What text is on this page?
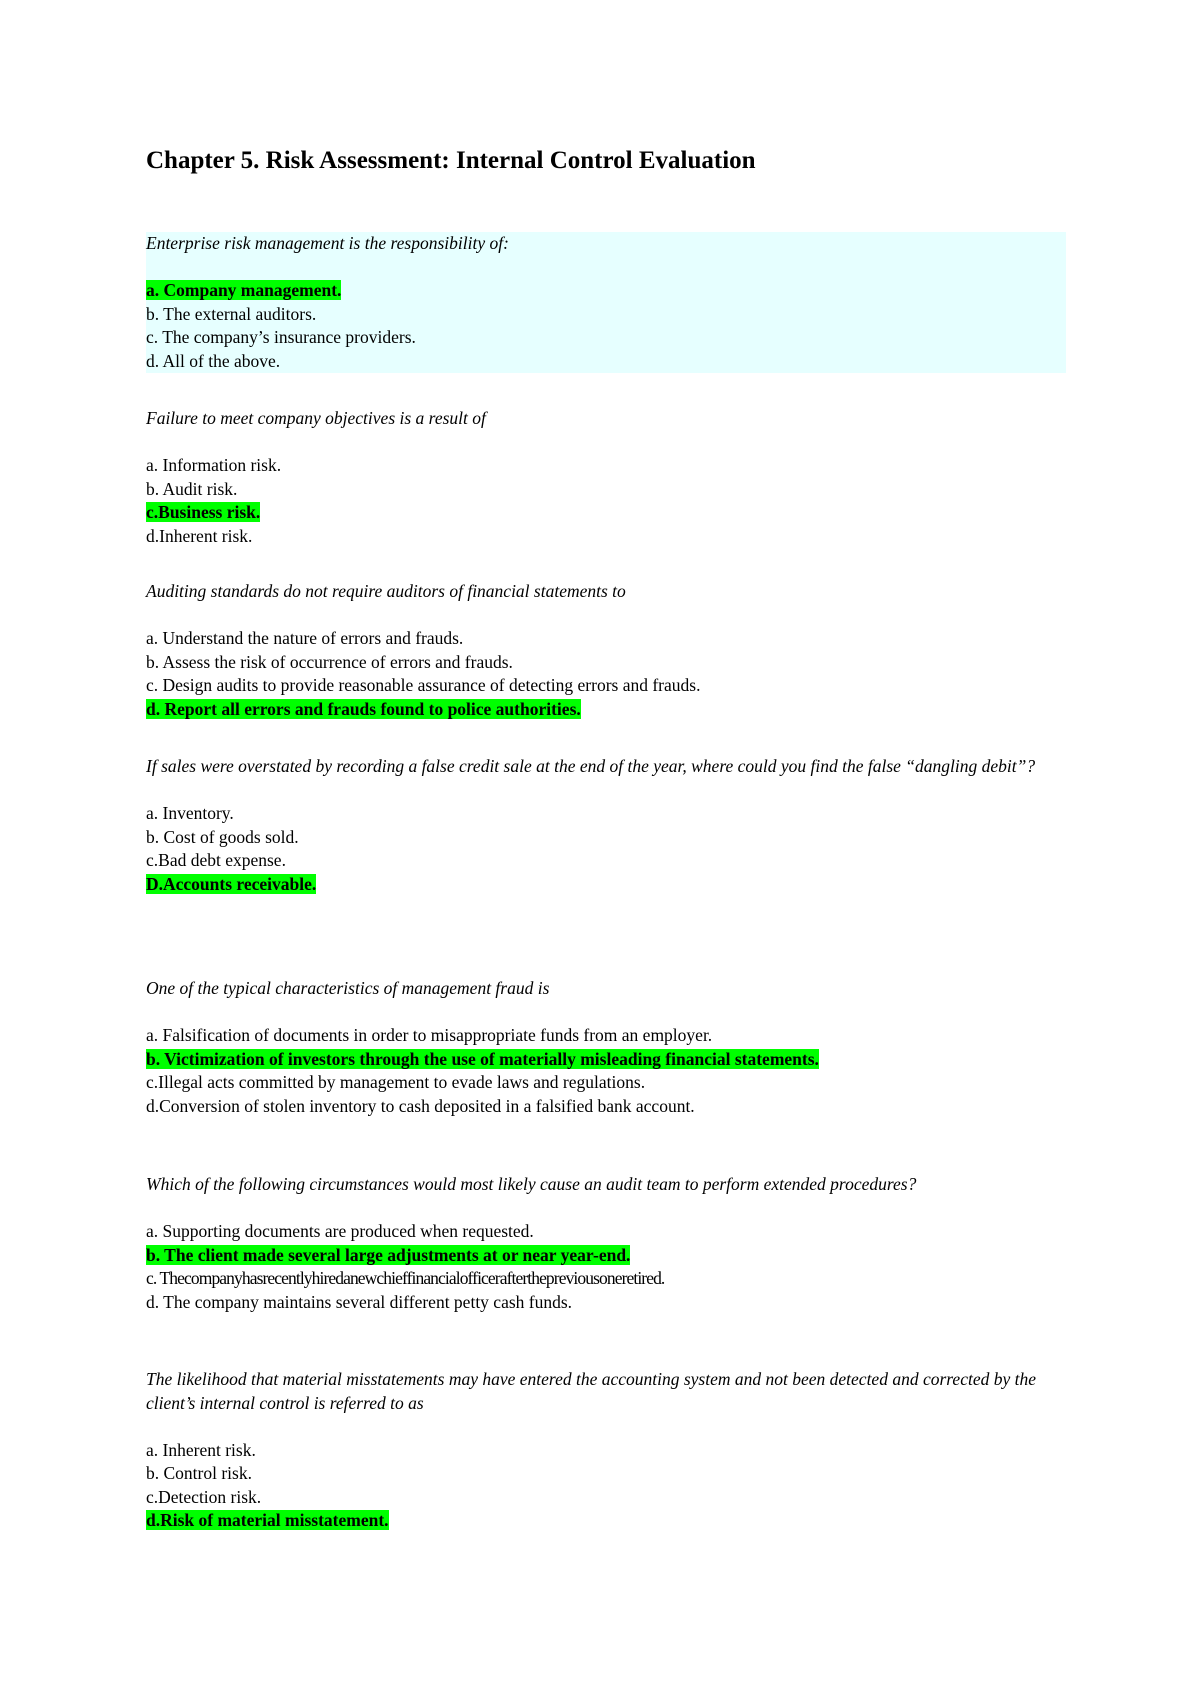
Chapter 5. Risk Assessment: Internal Control Evaluation

Enterprise risk management is the responsibility of:

a. Company management.
b. The external auditors.
c. The company’s insurance providers.
d. All of the above.

Failure to meet company objectives is a result of

a. Information risk.
b. Audit risk.
c.Business risk.
d.Inherent risk.

Auditing standards do not require auditors of financial statements to

a. Understand the nature of errors and frauds.
b. Assess the risk of occurrence of errors and frauds.
c. Design audits to provide reasonable assurance of detecting errors and frauds.
d. Report all errors and frauds found to police authorities.

If sales were overstated by recording a false credit sale at the end of the year, where could you find the false “dangling debit”?

a. Inventory.
b. Cost of goods sold.
c.Bad debt expense.
D.Accounts receivable.

One of the typical characteristics of management fraud is

a. Falsification of documents in order to misappropriate funds from an employer.
b. Victimization of investors through the use of materially misleading financial statements.
c.Illegal acts committed by management to evade laws and regulations.
d.Conversion of stolen inventory to cash deposited in a falsified bank account.

Which of the following circumstances would most likely cause an audit team to perform extended procedures?

a. Supporting documents are produced when requested.
b. The client made several large adjustments at or near year-end.
c. Thecompanyhasrecentlyhiredanewchieffinancialofficerafterthepreviousoneretired.
d. The company maintains several different petty cash funds.

The likelihood that material misstatements may have entered the accounting system and not been detected and corrected by the client’s internal control is referred to as

a. Inherent risk.
b. Control risk.
c.Detection risk.
d.Risk of material misstatement.
